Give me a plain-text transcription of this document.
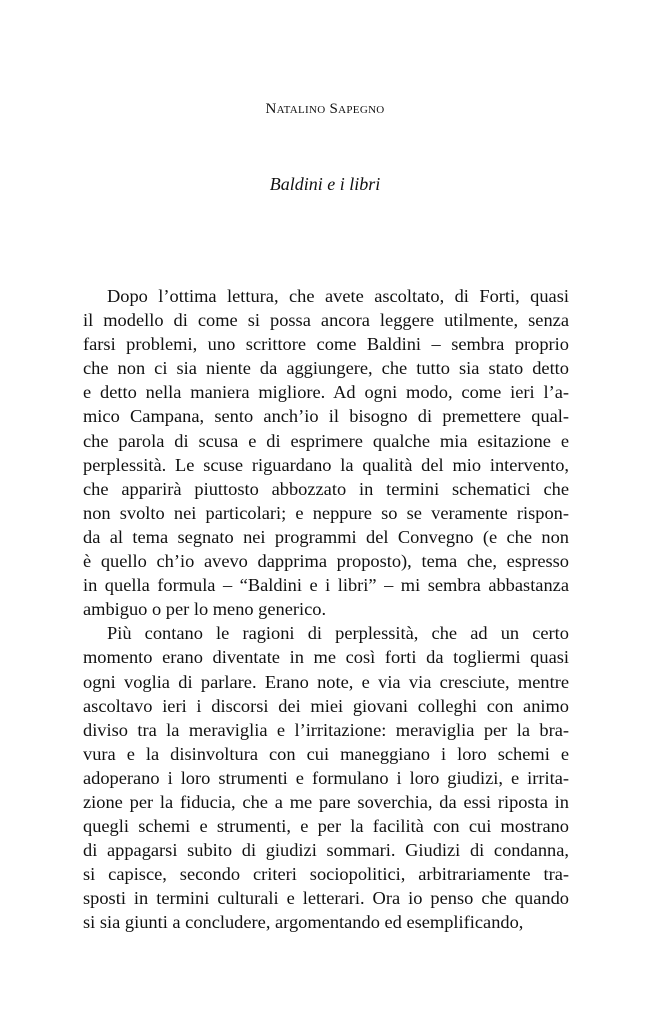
Natalino Sapegno
Baldini e i libri
Dopo l’ottima lettura, che avete ascoltato, di Forti, quasi
il modello di come si possa ancora leggere utilmente, senza
farsi problemi, uno scrittore come Baldini – sembra proprio
che non ci sia niente da aggiungere, che tutto sia stato detto
e detto nella maniera migliore. Ad ogni modo, come ieri l’a-
mico Campana, sento anch’io il bisogno di premettere qual-
che parola di scusa e di esprimere qualche mia esitazione e
perplessità. Le scuse riguardano la qualità del mio intervento,
che apparirà piuttosto abbozzato in termini schematici che
non svolto nei particolari; e neppure so se veramente rispon-
da al tema segnato nei programmi del Convegno (e che non
è quello ch’io avevo dapprima proposto), tema che, espresso
in quella formula – “Baldini e i libri” – mi sembra abbastanza
ambiguo o per lo meno generico.
Più contano le ragioni di perplessità, che ad un certo
momento erano diventate in me così forti da togliermi quasi
ogni voglia di parlare. Erano note, e via via cresciute, mentre
ascoltavo ieri i discorsi dei miei giovani colleghi con animo
diviso tra la meraviglia e l’irritazione: meraviglia per la bra-
vura e la disinvoltura con cui maneggiano i loro schemi e
adoperano i loro strumenti e formulano i loro giudizi, e irrita-
zione per la fiducia, che a me pare soverchia, da essi riposta in
quegli schemi e strumenti, e per la facilità con cui mostrano
di appagarsi subito di giudizi sommari. Giudizi di condanna,
si capisce, secondo criteri sociopolitici, arbitrariamente tra-
sposti in termini culturali e letterari. Ora io penso che quando
si sia giunti a concludere, argomentando ed esemplificando,
